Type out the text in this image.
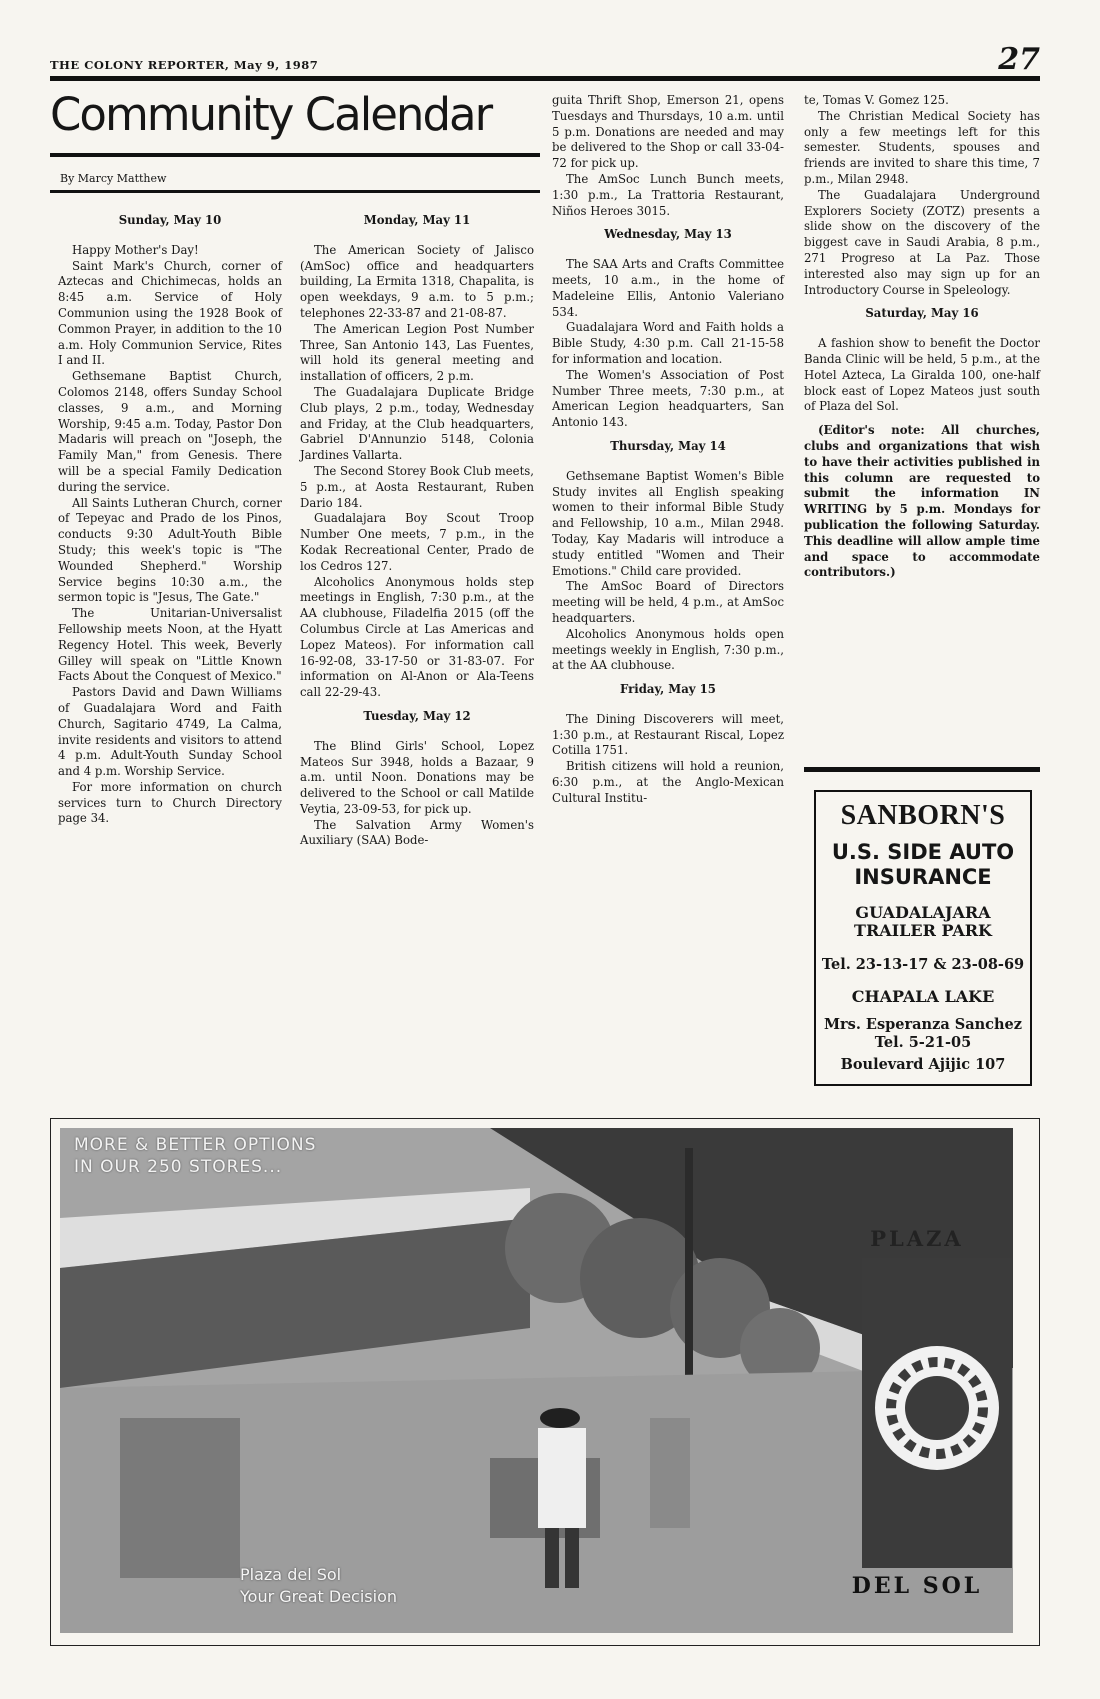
THE COLONY REPORTER, May 9, 1987	27
Community Calendar
By Marcy Matthew
Sunday, May 10

Happy Mother's Day!

Saint Mark's Church, corner of Aztecas and Chichimecas, holds an 8:45 a.m. Service of Holy Communion using the 1928 Book of Common Prayer, in addition to the 10 a.m. Holy Communion Service, Rites I and II.

Gethsemane Baptist Church, Colomos 2148, offers Sunday School classes, 9 a.m., and Morning Worship, 9:45 a.m. Today, Pastor Don Madaris will preach on "Joseph, the Family Man," from Genesis. There will be a special Family Dedication during the service.

All Saints Lutheran Church, corner of Tepeyac and Prado de los Pinos, conducts 9:30 Adult-Youth Bible Study; this week's topic is "The Wounded Shepherd." Worship Service begins 10:30 a.m., the sermon topic is "Jesus, The Gate."

The Unitarian-Universalist Fellowship meets Noon, at the Hyatt Regency Hotel. This week, Beverly Gilley will speak on "Little Known Facts About the Conquest of Mexico."

Pastors David and Dawn Williams of Guadalajara Word and Faith Church, Sagitario 4749, La Calma, invite residents and visitors to attend 4 p.m. Adult-Youth Sunday School and 4 p.m. Worship Service.

For more information on church services turn to Church Directory page 34.

Monday, May 11

The American Society of Jalisco (AmSoc) office and headquarters building, La Ermita 1318, Chapalita, is open weekdays, 9 a.m. to 5 p.m.; telephones 22-33-87 and 21-08-87.

The American Legion Post Number Three, San Antonio 143, Las Fuentes, will hold its general meeting and installation of officers, 2 p.m.

The Guadalajara Duplicate Bridge Club plays, 2 p.m., today, Wednesday and Friday, at the Club headquarters, Gabriel D'Annunzio 5148, Colonia Jardines Vallarta.

The Second Storey Book Club meets, 5 p.m., at Aosta Restaurant, Ruben Dario 184.

Guadalajara Boy Scout Troop Number One meets, 7 p.m., in the Kodak Recreational Center, Prado de los Cedros 127.

Alcoholics Anonymous holds step meetings in English, 7:30 p.m., at the AA clubhouse, Filadelfia 2015 (off the Columbus Circle at Las Americas and Lopez Mateos). For information call 16-92-08, 33-17-50 or 31-83-07. For information on Al-Anon or Ala-Teens call 22-29-43.

Tuesday, May 12

The Blind Girls' School, Lopez Mateos Sur 3948, holds a Bazaar, 9 a.m. until Noon. Donations may be delivered to the School or call Matilde Veytia, 23-09-53, for pick up.

The Salvation Army Women's Auxiliary (SAA) Bode-

guita Thrift Shop, Emerson 21, opens Tuesdays and Thursdays, 10 a.m. until 5 p.m. Donations are needed and may be delivered to the Shop or call 33-04-72 for pick up.

The AmSoc Lunch Bunch meets, 1:30 p.m., La Trattoria Restaurant, Niños Heroes 3015.

Wednesday, May 13

The SAA Arts and Crafts Committee meets, 10 a.m., in the home of Madeleine Ellis, Antonio Valeriano 534.

Guadalajara Word and Faith holds a Bible Study, 4:30 p.m. Call 21-15-58 for information and location.

The Women's Association of Post Number Three meets, 7:30 p.m., at American Legion headquarters, San Antonio 143.

Thursday, May 14

Gethsemane Baptist Women's Bible Study invites all English speaking women to their informal Bible Study and Fellowship, 10 a.m., Milan 2948. Today, Kay Madaris will introduce a study entitled "Women and Their Emotions." Child care provided.

The AmSoc Board of Directors meeting will be held, 4 p.m., at AmSoc headquarters.

Alcoholics Anonymous holds open meetings weekly in English, 7:30 p.m., at the AA clubhouse.

Friday, May 15

The Dining Discoverers will meet, 1:30 p.m., at Restaurant Riscal, Lopez Cotilla 1751.

British citizens will hold a reunion, 6:30 p.m., at the Anglo-Mexican Cultural Institu-

te, Tomas V. Gomez 125.

The Christian Medical Society has only a few meetings left for this semester. Students, spouses and friends are invited to share this time, 7 p.m., Milan 2948.

The Guadalajara Underground Explorers Society (ZOTZ) presents a slide show on the discovery of the biggest cave in Saudi Arabia, 8 p.m., 271 Progreso at La Paz. Those interested also may sign up for an Introductory Course in Speleology.

Saturday, May 16

A fashion show to benefit the Doctor Banda Clinic will be held, 5 p.m., at the Hotel Azteca, La Giralda 100, one-half block east of Lopez Mateos just south of Plaza del Sol.

(Editor's note: All churches, clubs and organizations that wish to have their activities published in this column are requested to submit the information IN WRITING by 5 p.m. Mondays for publication the following Saturday. This deadline will allow ample time and space to accommodate contributors.)

SANBORN'S
U.S. SIDE AUTO
INSURANCE
GUADALAJARA
TRAILER PARK
Tel. 23-13-17 & 23-08-69
CHAPALA LAKE
Mrs. Esperanza Sanchez
Tel. 5-21-05
Boulevard Ajijic 107
MORE & BETTER OPTIONS
IN OUR 250 STORES...
Plaza del Sol
Your Great Decision
PLAZA
DEL SOL
